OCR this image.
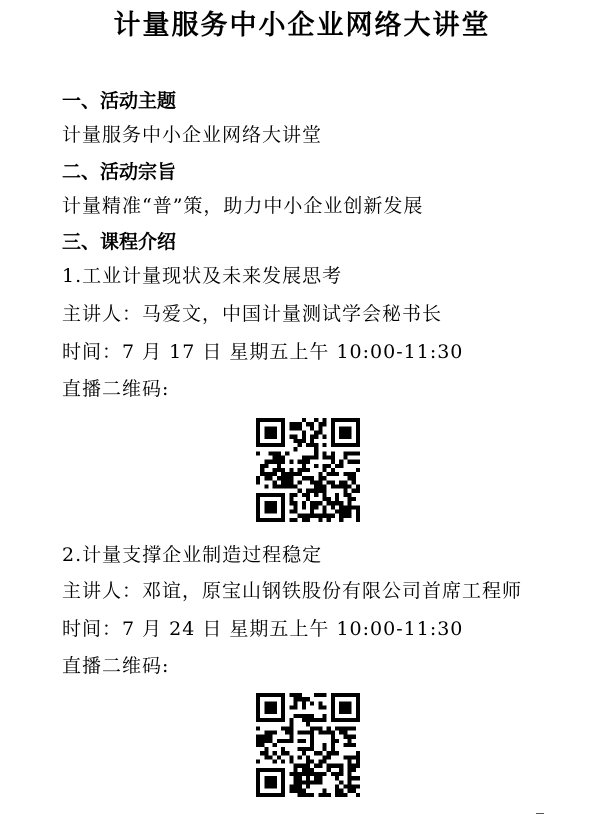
计量服务中小企业网络大讲堂
一、活动主题
计量服务中小企业网络大讲堂
二、活动宗旨
计量精准“普”策，助力中小企业创新发展
三、课程介绍
1.工业计量现状及未来发展思考
主讲人：马爱文，中国计量测试学会秘书长
时间：7 月 17 日 星期五上午 10:00-11:30
直播二维码:
2.计量支撑企业制造过程稳定
主讲人：邓谊，原宝山钢铁股份有限公司首席工程师
时间：7 月 24 日 星期五上午 10:00-11:30
直播二维码:
